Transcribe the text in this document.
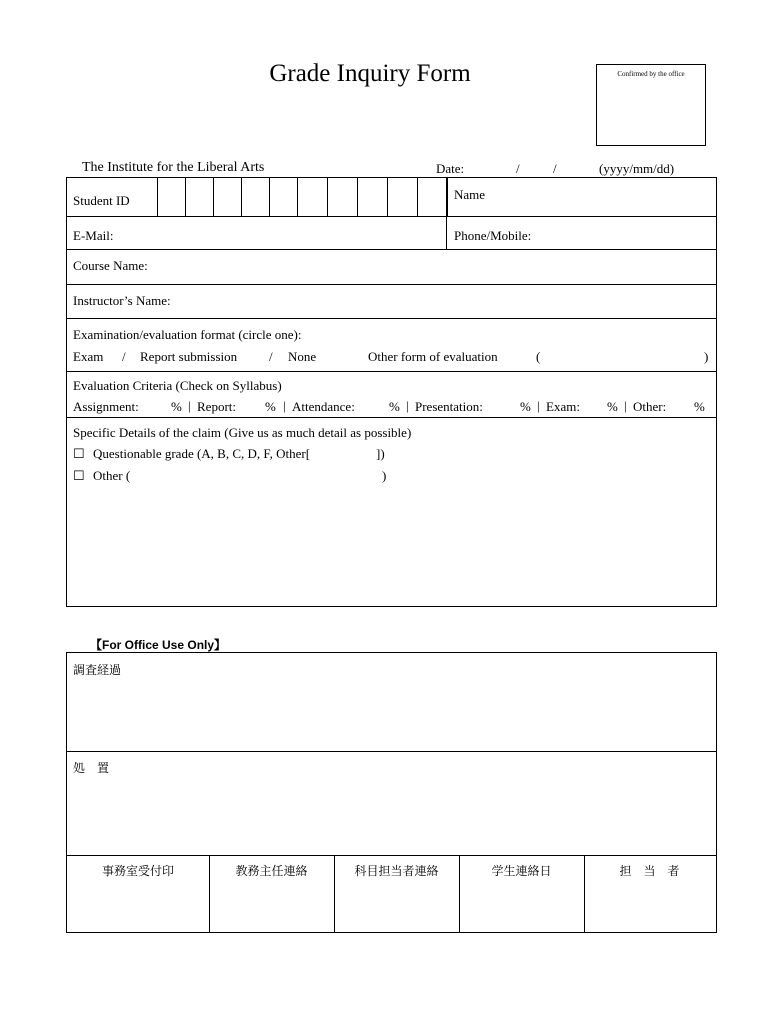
Grade Inquiry Form	Confirmed by the office
The Institute for the Liberal Arts	Date:	/	/	(yyyy/mm/dd)
Student ID	Name
E-Mail:	Phone/Mobile:
Course Name:
Instructor’s Name:
Examination/evaluation format (circle one):
Exam / Report submission / None	Other form of evaluation	(	)
Evaluation Criteria (Check on Syllabus)
Assignment: % | Report: % | Attendance:	% | Presentation:	% | Exam: % | Other: %
Specific Details of the claim (Give us as much detail as possible)
☐ Questionable grade (A, B, C, D, F, Other[	])
☐ Other (	)
【For Office Use Only】
調査経過
処　置
事務室受付印	教務主任連絡	科目担当者連絡	学生連絡日	担　当　者
